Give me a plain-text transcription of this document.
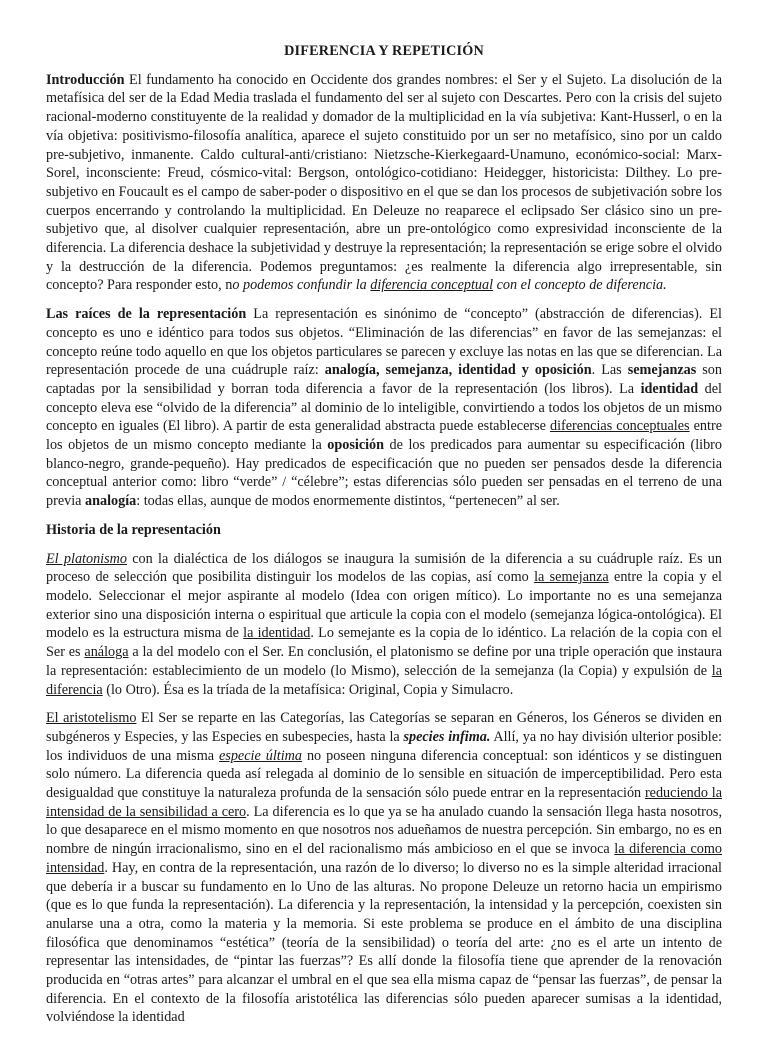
DIFERENCIA Y REPETICIÓN

Introducción El fundamento ha conocido en Occidente dos grandes nombres: el Ser y el Sujeto. La disolución de la metafísica del ser de la Edad Media traslada el fundamento del ser al sujeto con Descartes. Pero con la crisis del sujeto racional-moderno constituyente de la realidad y domador de la multiplicidad en la vía subjetiva: Kant-Husserl, o en la vía objetiva: positivismo-filosofía analítica, aparece el sujeto constituido por un ser no metafísico, sino por un caldo pre-subjetivo, inmanente. Caldo cultural-anti/cristiano: Nietzsche-Kierkegaard-Unamuno, económico-social: Marx-Sorel, inconsciente: Freud, cósmico-vital: Bergson, ontológico-cotidiano: Heidegger, historicista: Dilthey. Lo pre-subjetivo en Foucault es el campo de saber-poder o dispositivo en el que se dan los procesos de subjetivación sobre los cuerpos encerrando y controlando la multiplicidad. En Deleuze no reaparece el eclipsado Ser clásico sino un pre-subjetivo que, al disolver cualquier representación, abre un pre-ontológico como expresividad inconsciente de la diferencia. La diferencia deshace la subjetividad y destruye la representación; la representación se erige sobre el olvido y la destrucción de la diferencia. Podemos preguntamos: ¿es realmente la diferencia algo irrepresentable, sin concepto? Para responder esto, no podemos confundir la diferencia conceptual con el concepto de diferencia.

Las raíces de la representación La representación es sinónimo de “concepto” (abstracción de diferencias). El concepto es uno e idéntico para todos sus objetos. “Eliminación de las diferencias” en favor de las semejanzas: el concepto reúne todo aquello en que los objetos particulares se parecen y excluye las notas en las que se diferencian. La representación procede de una cuádruple raíz: analogía, semejanza, identidad y oposición. Las semejanzas son captadas por la sensibilidad y borran toda diferencia a favor de la representación (los libros). La identidad del concepto eleva ese “olvido de la diferencia” al dominio de lo inteligible, convirtiendo a todos los objetos de un mismo concepto en iguales (El libro). A partir de esta generalidad abstracta puede establecerse diferencias conceptuales entre los objetos de un mismo concepto mediante la oposición de los predicados para aumentar su especificación (libro blanco-negro, grande-pequeño). Hay predicados de especificación que no pueden ser pensados desde la diferencia conceptual anterior como: libro “verde” / “célebre”; estas diferencias sólo pueden ser pensadas en el terreno de una previa analogía: todas ellas, aunque de modos enormemente distintos, “pertenecen” al ser.

Historia de la representación

El platonismo con la dialéctica de los diálogos se inaugura la sumisión de la diferencia a su cuádruple raíz. Es un proceso de selección que posibilita distinguir los modelos de las copias, así como la semejanza entre la copia y el modelo. Seleccionar el mejor aspirante al modelo (Idea con origen mítico). Lo importante no es una semejanza exterior sino una disposición interna o espiritual que articule la copia con el modelo (semejanza lógica-ontológica). El modelo es la estructura misma de la identidad. Lo semejante es la copia de lo idéntico. La relación de la copia con el Ser es análoga a la del modelo con el Ser. En conclusión, el platonismo se define por una triple operación que instaura la representación: establecimiento de un modelo (lo Mismo), selección de la semejanza (la Copia) y expulsión de la diferencia (lo Otro). Ésa es la tríada de la metafísica: Original, Copia y Simulacro.

El aristotelismo El Ser se reparte en las Categorías, las Categorías se separan en Géneros, los Géneros se dividen en subgéneros y Especies, y las Especies en subespecies, hasta la species infima. Allí, ya no hay división ulterior posible: los individuos de una misma especie última no poseen ninguna diferencia conceptual: son idénticos y se distinguen solo número. La diferencia queda así relegada al dominio de lo sensible en situación de imperceptibilidad. Pero esta desigualdad que constituye la naturaleza profunda de la sensación sólo puede entrar en la representación reduciendo la intensidad de la sensibilidad a cero. La diferencia es lo que ya se ha anulado cuando la sensación llega hasta nosotros, lo que desaparece en el mismo momento en que nosotros nos adueñamos de nuestra percepción. Sin embargo, no es en nombre de ningún irracionalismo, sino en el del racionalismo más ambicioso en el que se invoca la diferencia como intensidad. Hay, en contra de la representación, una razón de lo diverso; lo diverso no es la simple alteridad irracional que debería ir a buscar su fundamento en lo Uno de las alturas. No propone Deleuze un retorno hacia un empirismo (que es lo que funda la representación). La diferencia y la representación, la intensidad y la percepción, coexisten sin anularse una a otra, como la materia y la memoria. Si este problema se produce en el ámbito de una disciplina filosófica que denominamos “estética” (teoría de la sensibilidad) o teoría del arte: ¿no es el arte un intento de representar las intensidades, de “pintar las fuerzas”? Es allí donde la filosofía tiene que aprender de la renovación producida en “otras artes” para alcanzar el umbral en el que sea ella misma capaz de “pensar las fuerzas”, de pensar la diferencia. En el contexto de la filosofía aristotélica las diferencias sólo pueden aparecer sumisas a la identidad, volviéndose la identidad
